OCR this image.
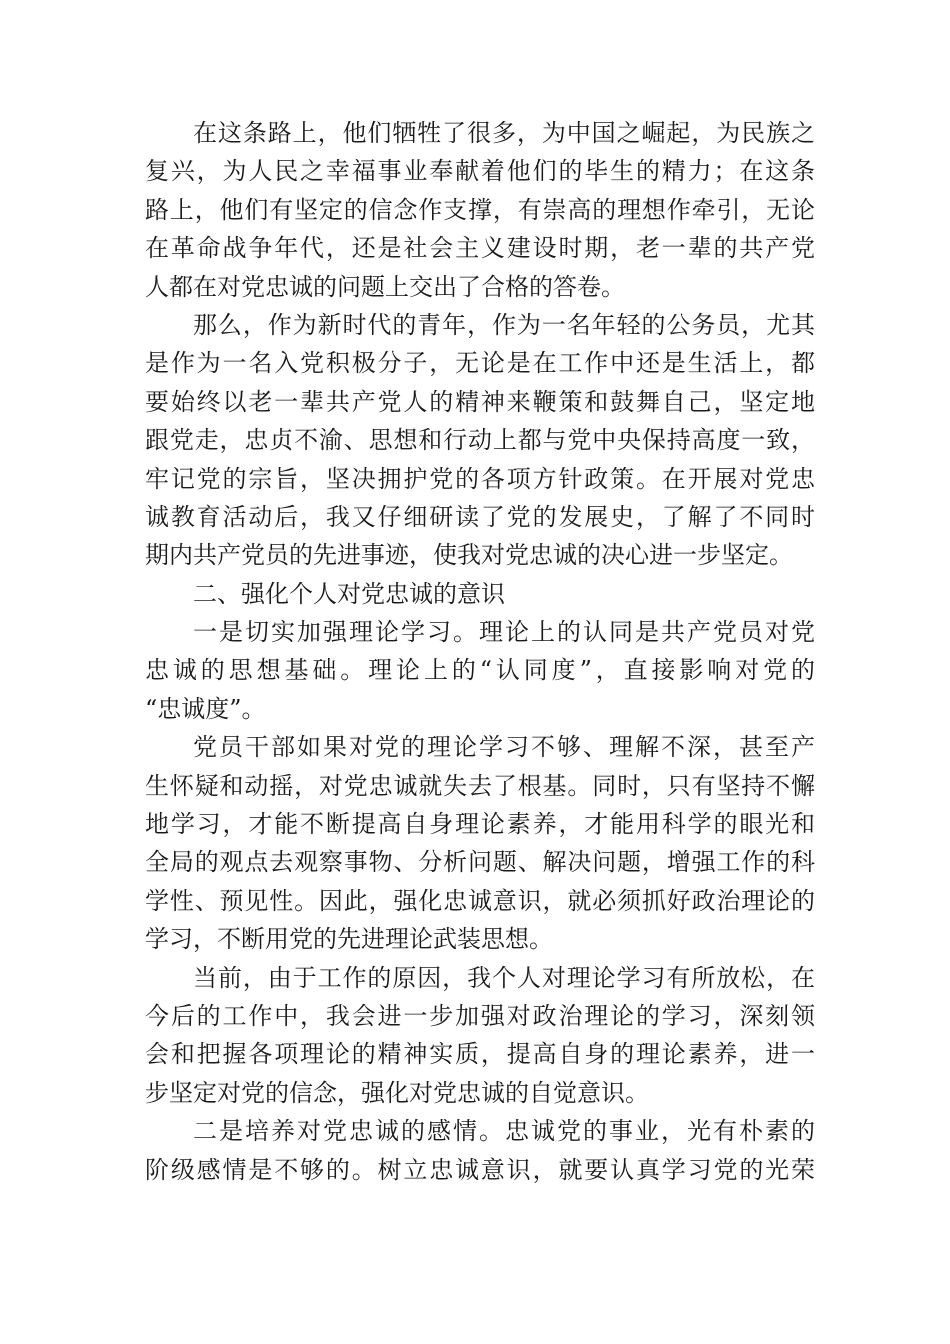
在这条路上，他们牺牲了很多，为中国之崛起，为民族之
复兴，为人民之幸福事业奉献着他们的毕生的精力；在这条
路上，他们有坚定的信念作支撑，有崇高的理想作牵引，无论
在革命战争年代，还是社会主义建设时期，老一辈的共产党
人都在对党忠诚的问题上交出了合格的答卷。
那么，作为新时代的青年，作为一名年轻的公务员，尤其
是作为一名入党积极分子，无论是在工作中还是生活上，都
要始终以老一辈共产党人的精神来鞭策和鼓舞自己，坚定地
跟党走，忠贞不渝、思想和行动上都与党中央保持高度一致，
牢记党的宗旨，坚决拥护党的各项方针政策。在开展对党忠
诚教育活动后，我又仔细研读了党的发展史，了解了不同时
期内共产党员的先进事迹，使我对党忠诚的决心进一步坚定。
二、强化个人对党忠诚的意识
一是切实加强理论学习。理论上的认同是共产党员对党
忠诚的思想基础。理论上的“认同度”，直接影响对党的
“忠诚度”。
党员干部如果对党的理论学习不够、理解不深，甚至产
生怀疑和动摇，对党忠诚就失去了根基。同时，只有坚持不懈
地学习，才能不断提高自身理论素养，才能用科学的眼光和
全局的观点去观察事物、分析问题、解决问题，增强工作的科
学性、预见性。因此，强化忠诚意识，就必须抓好政治理论的
学习，不断用党的先进理论武装思想。
当前，由于工作的原因，我个人对理论学习有所放松，在
今后的工作中，我会进一步加强对政治理论的学习，深刻领
会和把握各项理论的精神实质，提高自身的理论素养，进一
步坚定对党的信念，强化对党忠诚的自觉意识。
二是培养对党忠诚的感情。忠诚党的事业，光有朴素的
阶级感情是不够的。树立忠诚意识，就要认真学习党的光荣
